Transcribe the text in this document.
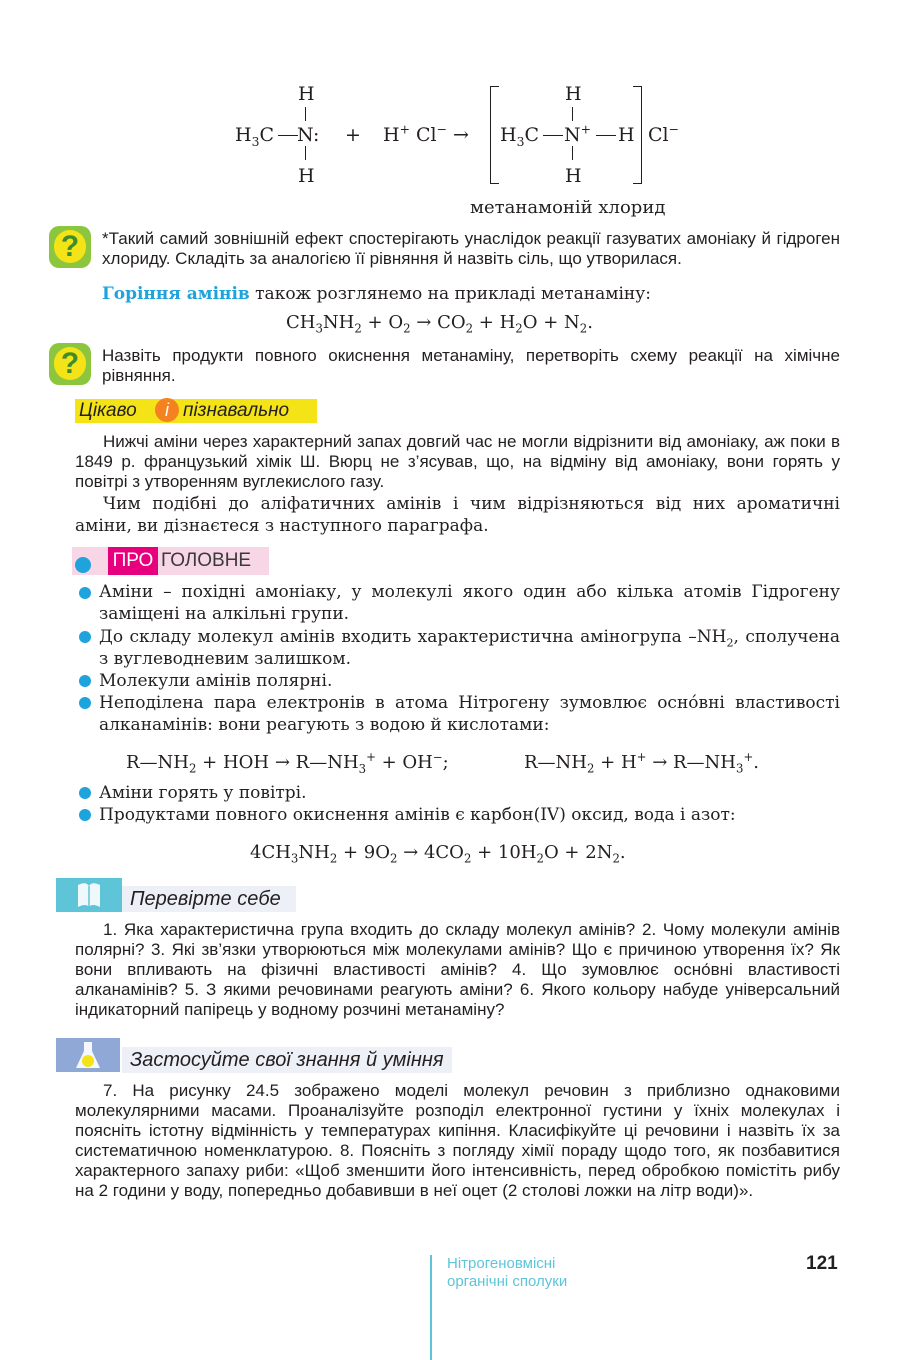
H
$H_3C$ N:
H
+ H+ Cl− →
H
$H_3C$ N+ H
H
Cl−
метанамоній хлорид
?	*Такий самий зовнішній ефект спостерігають унаслідок реакції газуватих амоніаку й гідроген хлориду. Складіть за аналогією її рівняння й назвіть сіль, що утворилася.
Горіння амінів також розглянемо на прикладі метанаміну:
$CH_3NH_2 + O_2 \to CO_2 + H_2O + N_2$.
?	Назвіть продукти повного окиснення метанаміну, перетворіть схему реакції на хімічне рівняння.
Цікаво	і пізнавально
Нижчі аміни через характерний запах довгий час не могли відрізнити від амоніаку, аж поки в 1849 р. французький хімік Ш. Вюрц не з’ясував, що, на відміну від амоніаку, вони горять у повітрі з утворенням вуглекислого газу.
Чим подібні до аліфатичних амінів і чим відрізняються від них ароматичні аміни, ви дізнаєтеся з наступного параграфа.
ПРО ГОЛОВНЕ
Аміни – похідні амоніаку, у молекулі якого один або кілька атомів Гідрогену заміщені на алкільні групи.
До складу молекул амінів входить характеристична аміногрупа $-NH_2$, сполучена з вуглеводневим залишком.
Молекули амінів полярні.
Неподілена пара електронів в атома Нітрогену зумовлює осно́вні властивості алканамінів: вони реагують з водою й кислотами:
$R—NH_2$ + HOH → $R—NH_3^+ + OH^-$;	$R—NH_2 + H^+$ → $R—NH_3^+$.
Аміни горять у повітрі.
Продуктами повного окиснення амінів є карбон(IV) оксид, вода і азот:
$4CH_3NH_2 + 9O_2 \to 4CO_2 + 10H_2O + 2N_2$.
Перевірте себе
1. Яка характеристична група входить до складу молекул амінів? 2. Чому молекули амінів полярні? 3. Які зв’язки утворюються між молекулами амінів? Що є причиною утворення їх? Як вони впливають на фізичні властивості амінів? 4. Що зумовлює осно́вні властивості алканамінів? 5. З якими речовинами реагують аміни? 6. Якого кольору набуде універсальний індикаторний папірець у водному розчині метанаміну?
Застосуйте свої знання й уміння
7. На рисунку 24.5 зображено моделі молекул речовин з приблизно однаковими молекулярними масами. Проаналізуйте розподіл електронної густини у їхніх молекулах і поясніть істотну відмінність у температурах кипіння. Класифікуйте ці речовини і назвіть їх за систематичною номенклатурою. 8. Поясніть з погляду хімії пораду щодо того, як позбавитися характерного запаху риби: «Щоб зменшити його інтенсивність, перед обробкою помістіть рибу на 2 години у воду, попередньо добавивши в неї оцет (2 столові ложки на літр води)».
Нітрогеновмісні
органічні сполуки
121
